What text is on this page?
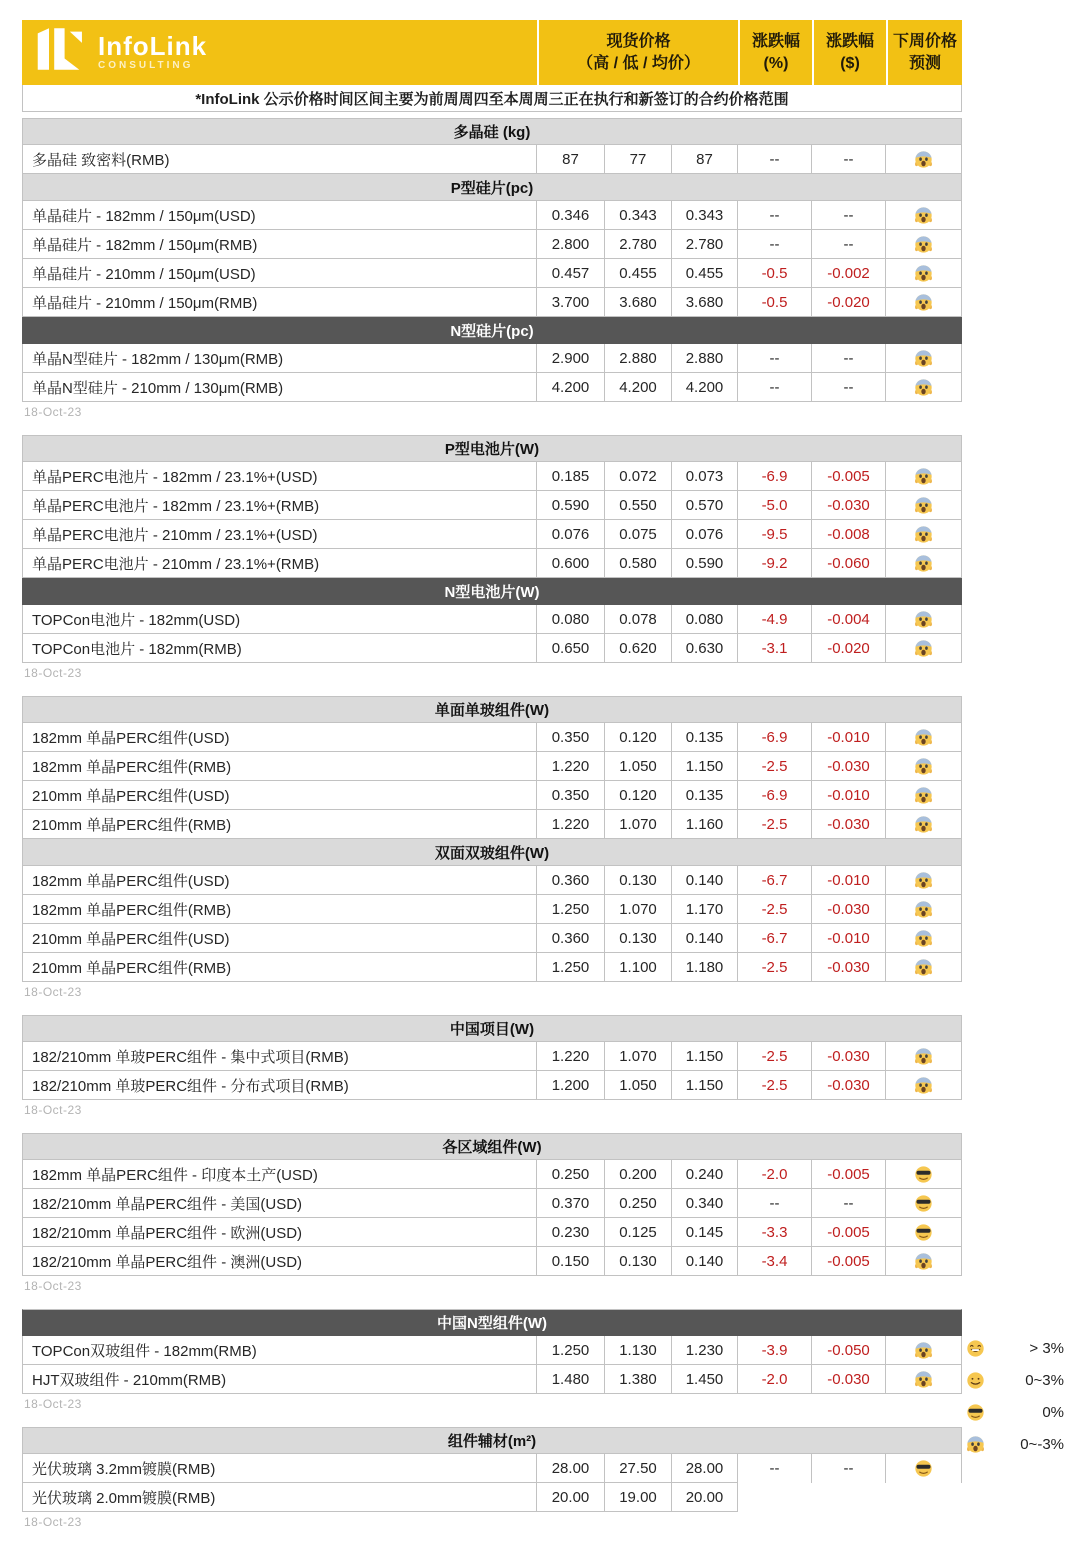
InfoLink
CONSULTING
现货价格
（高 / 低 / 均价）
涨跌幅
(%)
涨跌幅
($)
下周价格
预测
*InfoLink 公示价格时间区间主要为前周周四至本周周三正在执行和新签订的合约价格范围
多晶硅 (kg)
多晶硅 致密料(RMB)	87	77	87	--	--
P型硅片(pc)
单晶硅片 - 182mm / 150μm(USD)	0.346	0.343	0.343	--	--
单晶硅片 - 182mm / 150μm(RMB)	2.800	2.780	2.780	--	--
单晶硅片 - 210mm / 150μm(USD)	0.457	0.455	0.455	-0.5	-0.002
单晶硅片 - 210mm / 150μm(RMB)	3.700	3.680	3.680	-0.5	-0.020
N型硅片(pc)
单晶N型硅片 - 182mm / 130μm(RMB)	2.900	2.880	2.880	--	--
单晶N型硅片 - 210mm / 130μm(RMB)	4.200	4.200	4.200	--	--
18-Oct-23
P型电池片(W)
单晶PERC电池片 - 182mm / 23.1%+(USD)	0.185	0.072	0.073	-6.9	-0.005
单晶PERC电池片 - 182mm / 23.1%+(RMB)	0.590	0.550	0.570	-5.0	-0.030
单晶PERC电池片 - 210mm / 23.1%+(USD)	0.076	0.075	0.076	-9.5	-0.008
单晶PERC电池片 - 210mm / 23.1%+(RMB)	0.600	0.580	0.590	-9.2	-0.060
N型电池片(W)
TOPCon电池片 - 182mm(USD)	0.080	0.078	0.080	-4.9	-0.004
TOPCon电池片 - 182mm(RMB)	0.650	0.620	0.630	-3.1	-0.020
18-Oct-23
单面单玻组件(W)
182mm 单晶PERC组件(USD)	0.350	0.120	0.135	-6.9	-0.010
182mm 单晶PERC组件(RMB)	1.220	1.050	1.150	-2.5	-0.030
210mm 单晶PERC组件(USD)	0.350	0.120	0.135	-6.9	-0.010
210mm 单晶PERC组件(RMB)	1.220	1.070	1.160	-2.5	-0.030
双面双玻组件(W)
182mm 单晶PERC组件(USD)	0.360	0.130	0.140	-6.7	-0.010
182mm 单晶PERC组件(RMB)	1.250	1.070	1.170	-2.5	-0.030
210mm 单晶PERC组件(USD)	0.360	0.130	0.140	-6.7	-0.010
210mm 单晶PERC组件(RMB)	1.250	1.100	1.180	-2.5	-0.030
18-Oct-23
中国项目(W)
182/210mm 单玻PERC组件 - 集中式项目(RMB)	1.220	1.070	1.150	-2.5	-0.030
182/210mm 单玻PERC组件 - 分布式项目(RMB)	1.200	1.050	1.150	-2.5	-0.030
18-Oct-23
各区域组件(W)
182mm 单晶PERC组件 - 印度本土产(USD)	0.250	0.200	0.240	-2.0	-0.005
182/210mm 单晶PERC组件 - 美国(USD)	0.370	0.250	0.340	--	--
182/210mm 单晶PERC组件 - 欧洲(USD)	0.230	0.125	0.145	-3.3	-0.005
182/210mm 单晶PERC组件 - 澳洲(USD)	0.150	0.130	0.140	-3.4	-0.005
18-Oct-23
中国N型组件(W)
TOPCon双玻组件 - 182mm(RMB)	1.250	1.130	1.230	-3.9	-0.050
HJT双玻组件 - 210mm(RMB)	1.480	1.380	1.450	-2.0	-0.030
18-Oct-23
组件辅材(m²)
光伏玻璃 3.2mm镀膜(RMB)	28.00	27.50	28.00	--	--
光伏玻璃 2.0mm镀膜(RMB)	20.00	19.00	20.00
18-Oct-23
> 3%
0~3%
0%
0~-3%
